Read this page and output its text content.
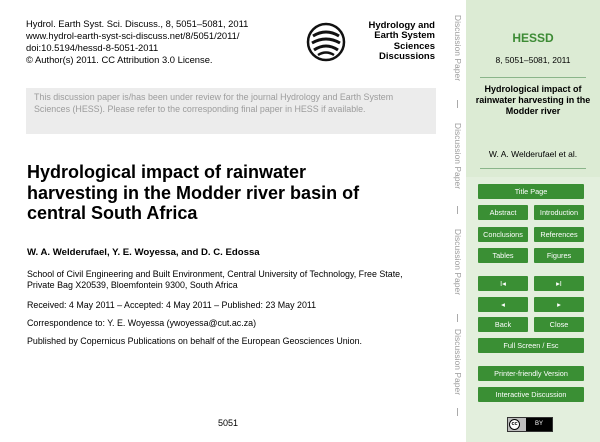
Hydrol. Earth Syst. Sci. Discuss., 8, 5051–5081, 2011
www.hydrol-earth-syst-sci-discuss.net/8/5051/2011/
doi:10.5194/hessd-8-5051-2011
© Author(s) 2011. CC Attribution 3.0 License.
Hydrology and
Earth System
Sciences
Discussions
This discussion paper is/has been under review for the journal Hydrology and Earth System Sciences (HESS). Please refer to the corresponding final paper in HESS if available.
Hydrological impact of rainwater
harvesting in the Modder river basin of
central South Africa
W. A. Welderufael, Y. E. Woyessa, and D. C. Edossa
School of Civil Engineering and Built Environment, Central University of Technology, Free State, Private Bag X20539, Bloemfontein 9300, South Africa
Received: 4 May 2011 – Accepted: 4 May 2011 – Published: 23 May 2011
Correspondence to: Y. E. Woyessa (ywoyessa@cut.ac.za)
Published by Copernicus Publications on behalf of the European Geosciences Union.
5051
Discussion Paper
Discussion Paper
Discussion Paper
Discussion Paper
HESSD
8, 5051–5081, 2011
Hydrological impact of rainwater harvesting in the Modder river
W. A. Welderufael et al.
Title Page
Abstract	Introduction
Conclusions	References
Tables	Figures
I◂	▸I
◂	▸
Back	Close
Full Screen / Esc
Printer-friendly Version
Interactive Discussion
cc	BY
